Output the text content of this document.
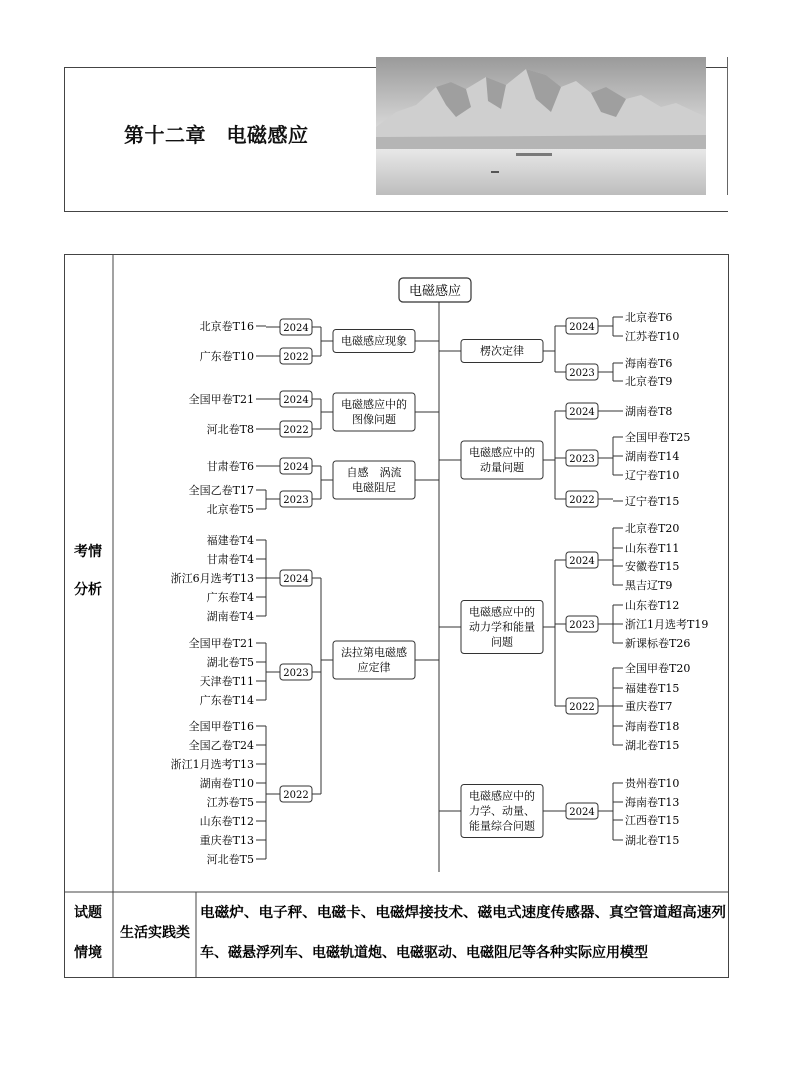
第十二章　电磁感应
考情
分析
试题
情境
生活实践类
电磁炉、电子秤、电磁卡、电磁焊接技术、磁电式速度传感器、真空管道超高速列
车、磁悬浮列车、电磁轨道炮、电磁驱动、电磁阻尼等各种实际应用模型
电磁感应
电磁感应现象
2024
北京卷T16
2022
广东卷T10
电磁感应中的
图像问题
2024
全国甲卷T21
2022
河北卷T8
自感　涡流
电磁阻尼
2024
甘肃卷T6
2023
全国乙卷T17
北京卷T5
法拉第电磁感
应定律
2024
福建卷T4
甘肃卷T4
浙江6月选考T13
广东卷T4
湖南卷T4
2023
全国甲卷T21
湖北卷T5
天津卷T11
广东卷T14
2022
全国甲卷T16
全国乙卷T24
浙江1月选考T13
湖南卷T10
江苏卷T5
山东卷T12
重庆卷T13
河北卷T5
楞次定律
2024
北京卷T6
江苏卷T10
2023
海南卷T6
北京卷T9
电磁感应中的
动量问题
2024	湖南卷T8
2023
全国甲卷T25
湖南卷T14
辽宁卷T10
2022	辽宁卷T15
电磁感应中的
动力学和能量
问题
2024
北京卷T20
山东卷T11
安徽卷T15
黑吉辽T9
2023
山东卷T12
浙江1月选考T19
新课标卷T26
2022
全国甲卷T20
福建卷T15
重庆卷T7
海南卷T18
湖北卷T15
电磁感应中的
力学、动量、
能量综合问题
2024
贵州卷T10
海南卷T13
江西卷T15
湖北卷T15
